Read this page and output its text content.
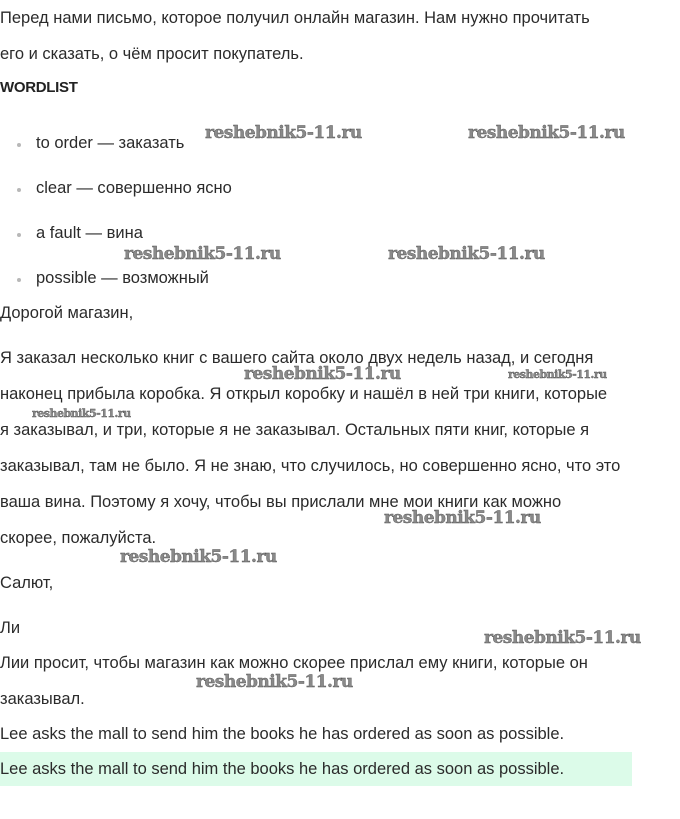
Перед нами письмо, которое получил онлайн магазин. Нам нужно прочитать
его и сказать, о чём просит покупатель.
WORDLIST
to order — заказать
clear — совершенно ясно
a fault — вина
possible — возможный
Дорогой магазин,
Я заказал несколько книг с вашего сайта около двух недель назад, и сегодня
наконец прибыла коробка. Я открыл коробку и нашёл в ней три книги, которые
я заказывал, и три, которые я не заказывал. Остальных пяти книг, которые я
заказывал, там не было. Я не знаю, что случилось, но совершенно ясно, что это
ваша вина. Поэтому я хочу, чтобы вы прислали мне мои книги как можно
скорее, пожалуйста.
Салют,
Ли
Лии просит, чтобы магазин как можно скорее прислал ему книги, которые он
заказывал.
Lee asks the mall to send him the books he has ordered as soon as possible.
Lee asks the mall to send him the books he has ordered as soon as possible.
reshebnik5-11.ru	reshebnik5-11.ru
reshebnik5-11.ru	reshebnik5-11.ru
reshebnik5-11.ru	reshebnik5-11.ru
reshebnik5-11.ru
reshebnik5-11.ru
reshebnik5-11.ru
reshebnik5-11.ru
reshebnik5-11.ru
